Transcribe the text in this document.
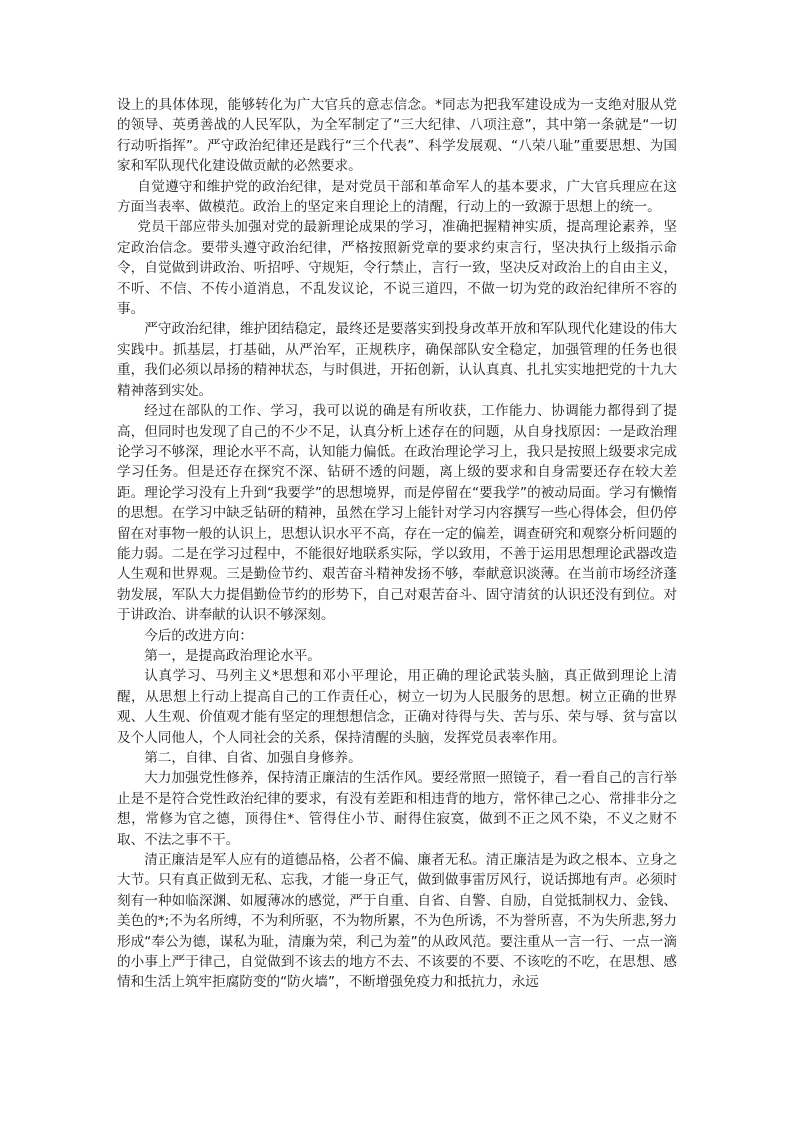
设上的具体体现，能够转化为广大官兵的意志信念。*同志为把我军建设成为一支绝对服从党的领导、英勇善战的人民军队，为全军制定了“三大纪律、八项注意”，其中第一条就是“一切行动听指挥”。严守政治纪律还是践行“三个代表”、科学发展观、“八荣八耻”重要思想、为国家和军队现代化建设做贡献的必然要求。

自觉遵守和维护党的政治纪律，是对党员干部和革命军人的基本要求，广大官兵理应在这方面当表率、做模范。政治上的坚定来自理论上的清醒，行动上的一致源于思想上的统一。

党员干部应带头加强对党的最新理论成果的学习，准确把握精神实质，提高理论素养，坚定政治信念。要带头遵守政治纪律，严格按照新党章的要求约束言行，坚决执行上级指示命令，自觉做到讲政治、听招呼、守规矩，令行禁止，言行一致，坚决反对政治上的自由主义，不听、不信、不传小道消息，不乱发议论，不说三道四，不做一切为党的政治纪律所不容的事。

严守政治纪律，维护团结稳定，最终还是要落实到投身改革开放和军队现代化建设的伟大实践中。抓基层，打基础，从严治军，正规秩序，确保部队安全稳定，加强管理的任务也很重，我们必须以昂扬的精神状态，与时俱进，开拓创新，认认真真、扎扎实实地把党的十九大精神落到实处。

经过在部队的工作、学习，我可以说的确是有所收获，工作能力、协调能力都得到了提高，但同时也发现了自己的不少不足，认真分析上述存在的问题，从自身找原因：一是政治理论学习不够深，理论水平不高，认知能力偏低。在政治理论学习上，我只是按照上级要求完成学习任务。但是还存在探究不深、钻研不透的问题，离上级的要求和自身需要还存在较大差距。理论学习没有上升到“我要学”的思想境界，而是停留在“要我学”的被动局面。学习有懒惰的思想。在学习中缺乏钻研的精神，虽然在学习上能针对学习内容撰写一些心得体会，但仍停留在对事物一般的认识上，思想认识水平不高，存在一定的偏差，调查研究和观察分析问题的能力弱。二是在学习过程中，不能很好地联系实际，学以致用，不善于运用思想理论武器改造人生观和世界观。三是勤俭节约、艰苦奋斗精神发扬不够，奉献意识淡薄。在当前市场经济蓬勃发展，军队大力提倡勤俭节约的形势下，自己对艰苦奋斗、固守清贫的认识还没有到位。对于讲政治、讲奉献的认识不够深刻。

今后的改进方向：

第一，是提高政治理论水平。

认真学习、马列主义*思想和邓小平理论，用正确的理论武装头脑，真正做到理论上清醒，从思想上行动上提高自己的工作责任心，树立一切为人民服务的思想。树立正确的世界观、人生观、价值观才能有坚定的理想想信念，正确对待得与失、苦与乐、荣与辱、贫与富以及个人同他人，个人同社会的关系，保持清醒的头脑，发挥党员表率作用。

第二，自律、自省、加强自身修养。

大力加强党性修养，保持清正廉洁的生活作风。要经常照一照镜子，看一看自己的言行举止是不是符合党性政治纪律的要求，有没有差距和相违背的地方，常怀律己之心、常排非分之想，常修为官之德，顶得住*、管得住小节、耐得住寂寞，做到不正之风不染，不义之财不取、不法之事不干。

清正廉洁是军人应有的道德品格，公者不偏、廉者无私。清正廉洁是为政之根本、立身之大节。只有真正做到无私、忘我，才能一身正气，做到做事雷厉风行，说话掷地有声。必须时刻有一种如临深渊、如履薄冰的感觉，严于自重、自省、自警、自励，自觉抵制权力、金钱、美色的*;不为名所缚，不为利所驱，不为物所累，不为色所诱，不为誉所喜，不为失所悲,努力形成“奉公为德，谋私为耻，清廉为荣，利己为羞”的从政风范。要注重从一言一行、一点一滴的小事上严于律己，自觉做到不该去的地方不去、不该要的不要、不该吃的不吃，在思想、感情和生活上筑牢拒腐防变的“防火墙”，不断增强免疫力和抵抗力，永远
